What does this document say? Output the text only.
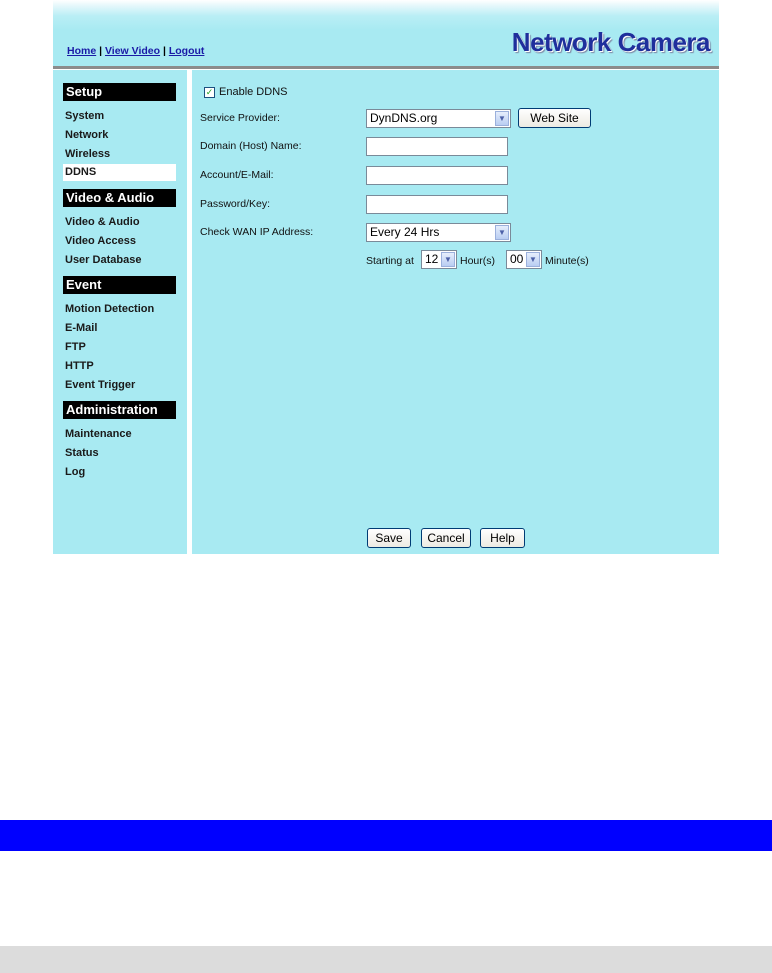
Home | View Video | Logout	Network Camera
Setup
System
Network
Wireless
DDNS
Video & Audio
Video & Audio
Video Access
User Database
Event
Motion Detection
E-Mail
FTP
HTTP
Event Trigger
Administration
Maintenance
Status
Log
✓ Enable DDNS
Service Provider:	DynDNS.org	▼	Web Site
Domain (Host) Name:
Account/E-Mail:
Password/Key:
Check WAN IP Address:	Every 24 Hrs	▼
Starting at 12 ▼ Hour(s)	00 ▼ Minute(s)
Save	Cancel	Help
